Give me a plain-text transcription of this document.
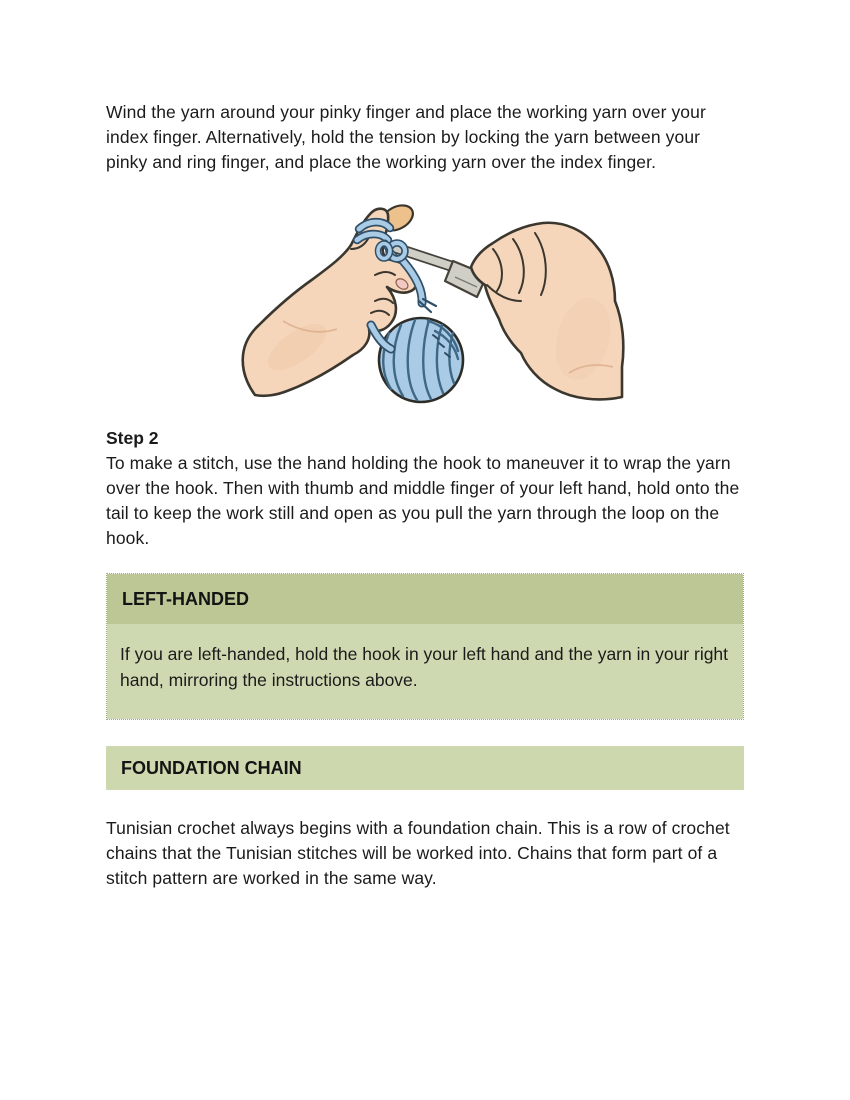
Wind the yarn around your pinky finger and place the working yarn over your index finger. Alternatively, hold the tension by locking the yarn between your pinky and ring finger, and place the working yarn over the index finger.

Step 2

To make a stitch, use the hand holding the hook to maneuver it to wrap the yarn over the hook. Then with thumb and middle finger of your left hand, hold onto the tail to keep the work still and open as you pull the yarn through the loop on the hook.

LEFT-HANDED
If you are left-handed, hold the hook in your left hand and the yarn in your right hand, mirroring the instructions above.
FOUNDATION CHAIN

Tunisian crochet always begins with a foundation chain. This is a row of crochet chains that the Tunisian stitches will be worked into. Chains that form part of a stitch pattern are worked in the same way.
